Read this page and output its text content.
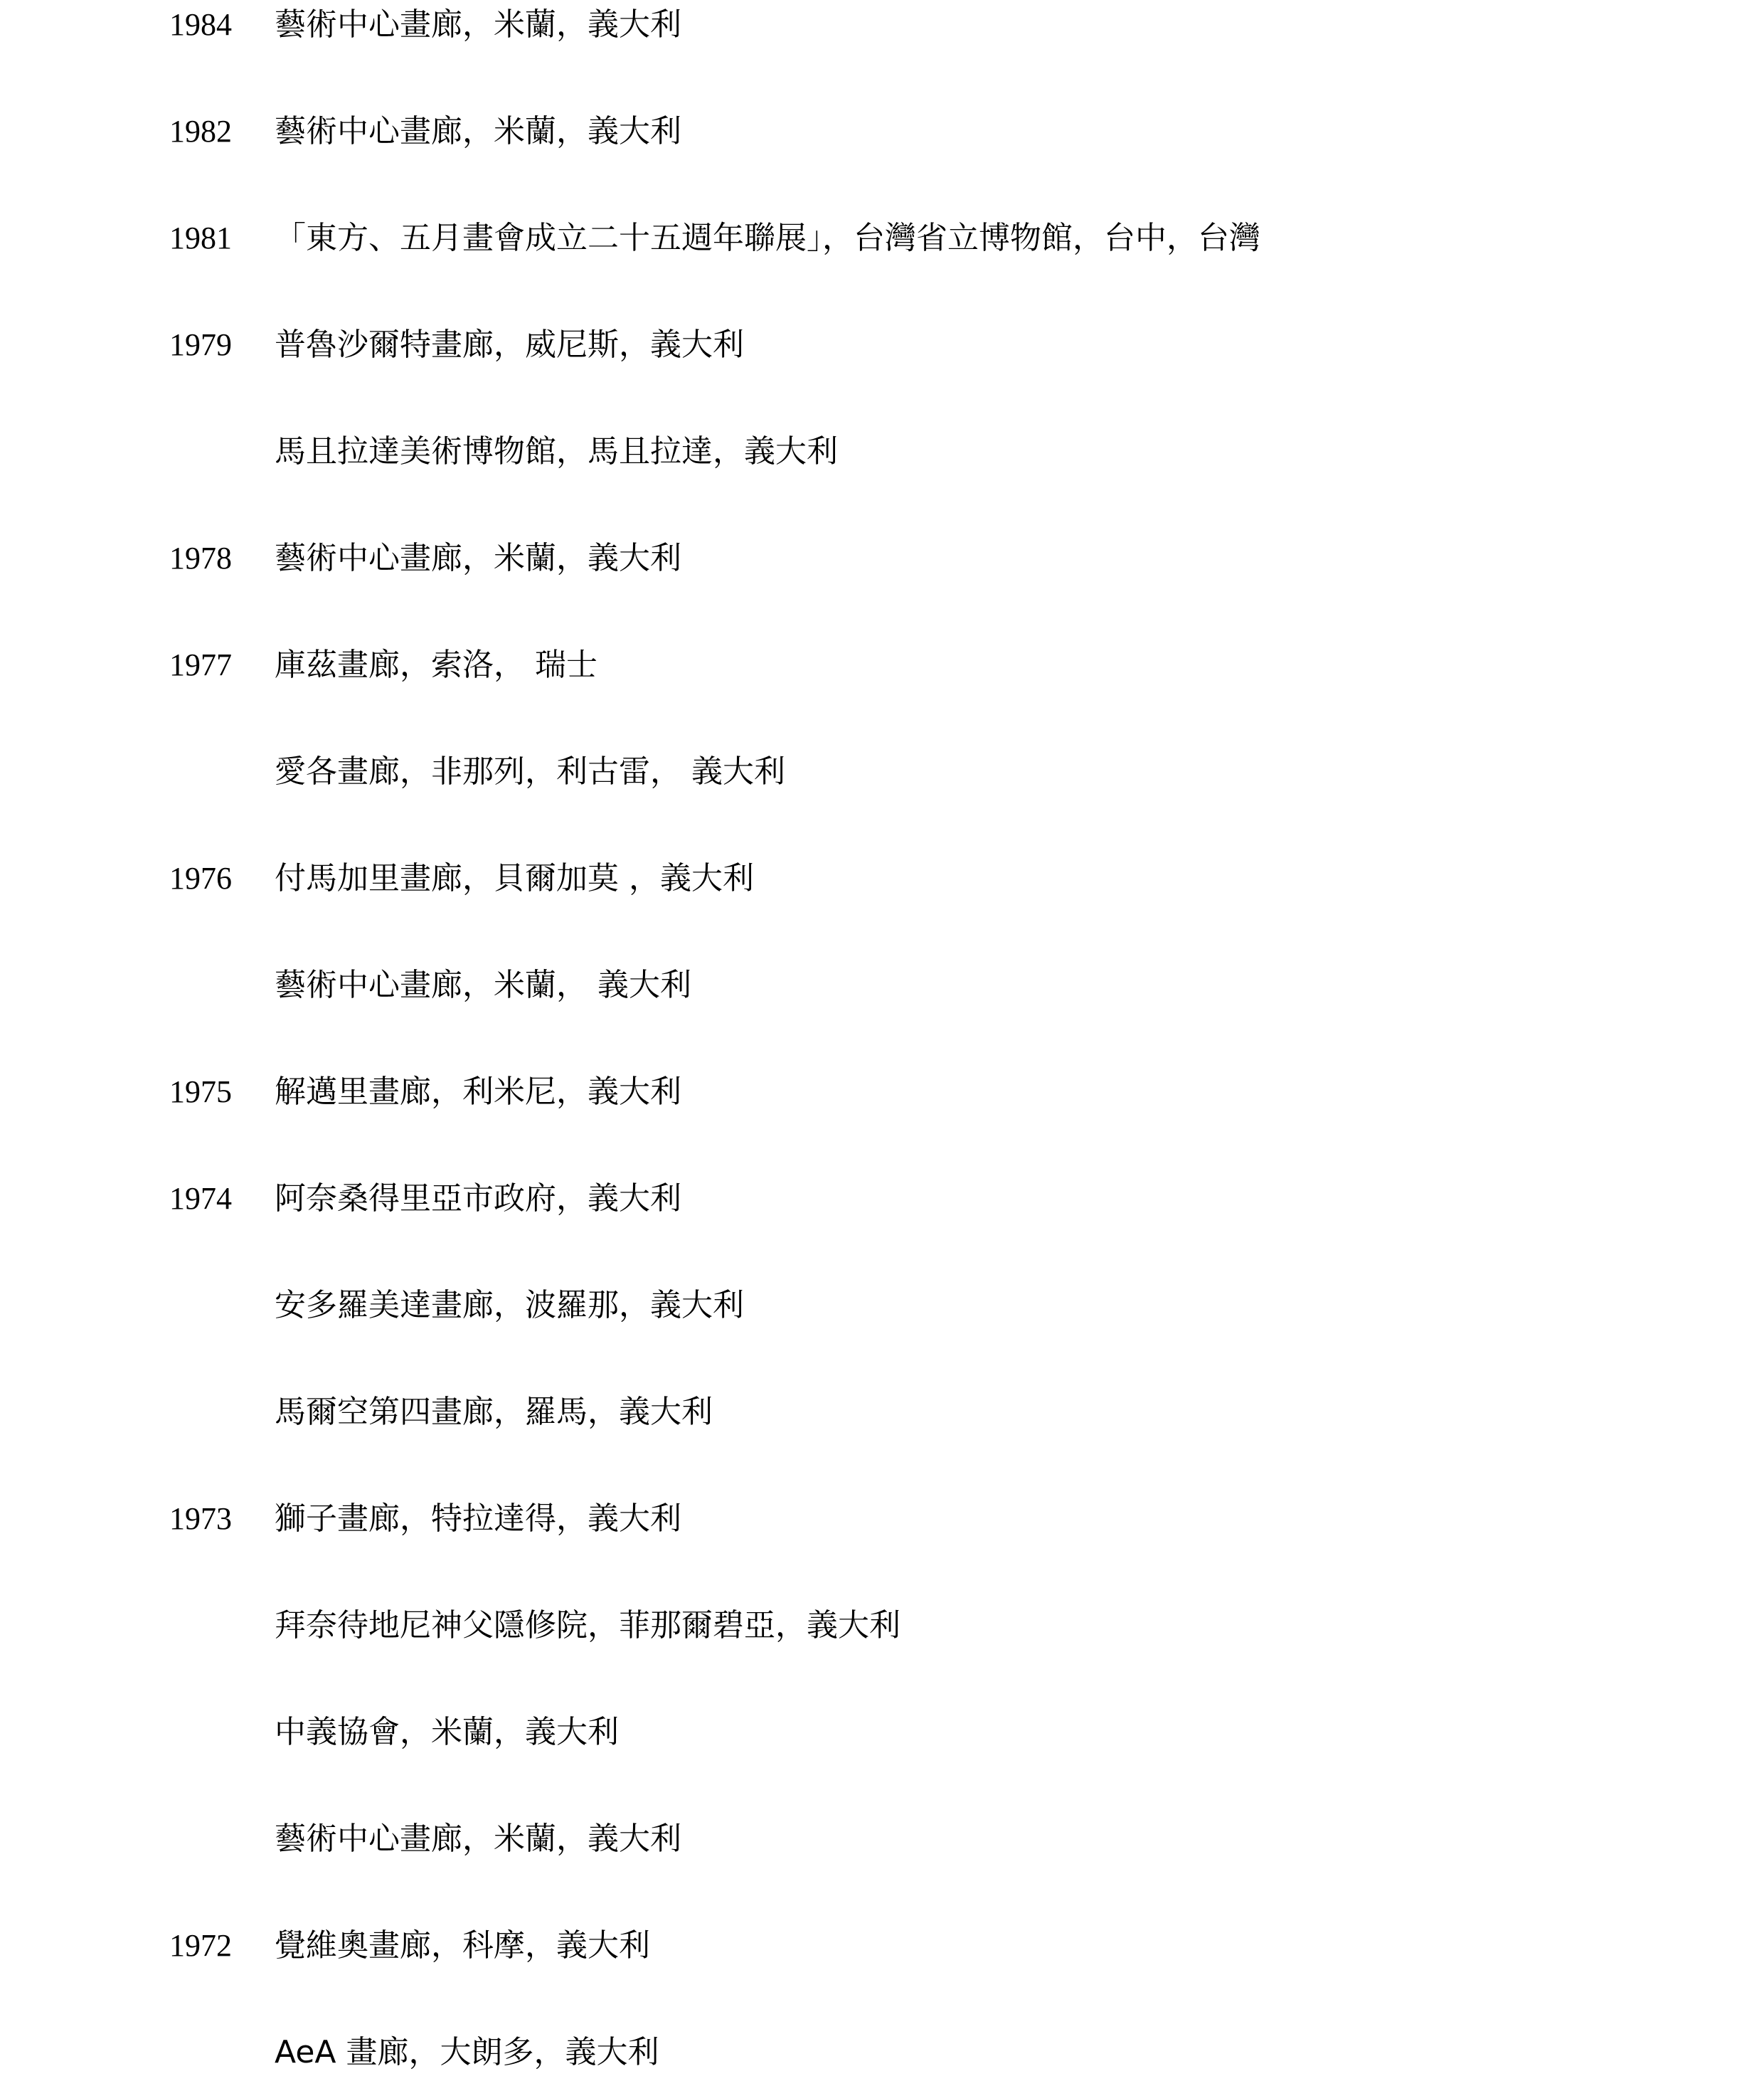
1984 藝術中心畫廊，米蘭，義大利
1982 藝術中心畫廊，米蘭，義大利
1981 「東方、五月畫會成立二十五週年聯展」，台灣省立博物館，台中，台灣
1979 普魯沙爾特畫廊，威尼斯，義大利
馬且拉達美術博物館，馬且拉達，義大利
1978 藝術中心畫廊，米蘭，義大利
1977 庫茲畫廊，索洛， 瑞士
愛各畫廊，非那列，利古雷， 義大利
1976 付馬加里畫廊，貝爾加莫 ，義大利
藝術中心畫廊，米蘭， 義大利
1975 解邁里畫廊，利米尼，義大利
1974 阿奈桑得里亞市政府，義大利
安多羅美達畫廊，波羅那，義大利
馬爾空第四畫廊，羅馬，義大利
1973 獅子畫廊，特拉達得，義大利
拜奈待地尼神父隱修院，菲那爾碧亞，義大利
中義協會，米蘭，義大利
藝術中心畫廊，米蘭，義大利
1972 覺維奧畫廊，科摩，義大利
AeA 畫廊，大朗多，義大利
